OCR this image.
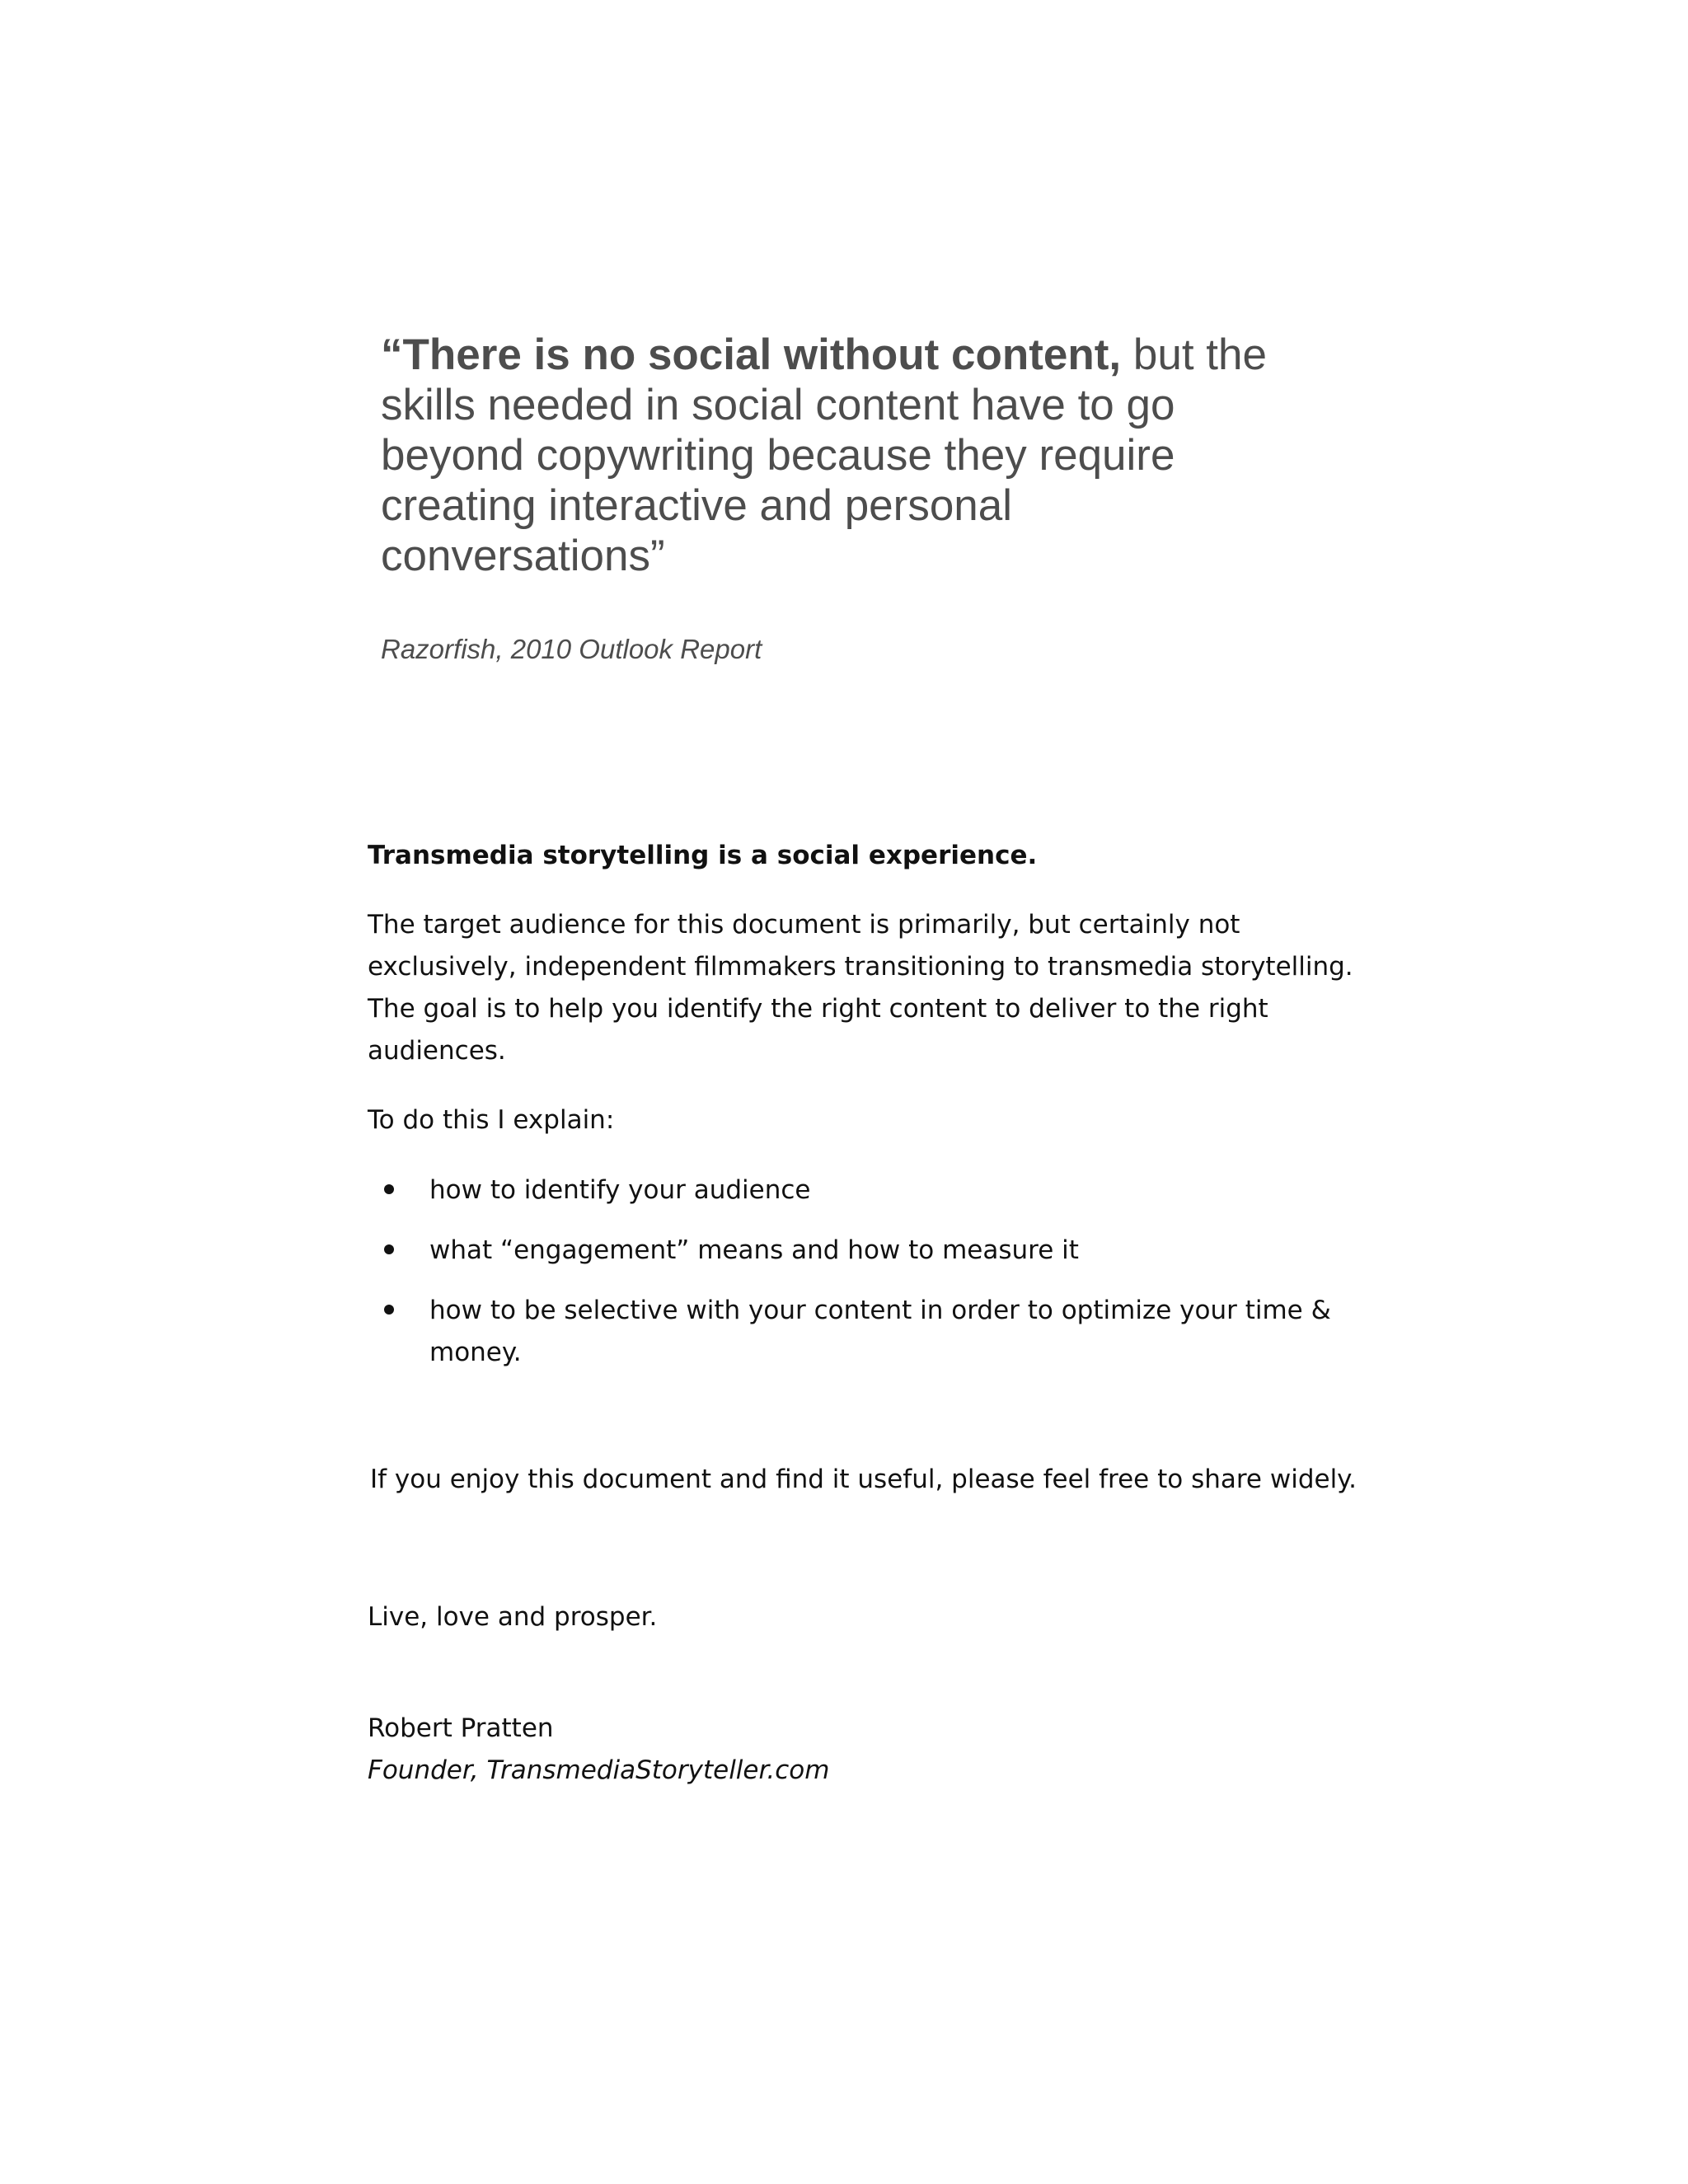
“There is no social without content, but the
skills needed in social content have to go
beyond copywriting because they require
creating interactive and personal
conversations”
Razorfish, 2010 Outlook Report
Transmedia storytelling is a social experience.
The target audience for this document is primarily, but certainly not
exclusively, independent filmmakers transitioning to transmedia storytelling.
The goal is to help you identify the right content to deliver to the right
audiences.
To do this I explain:
how to identify your audience
what “engagement” means and how to measure it
how to be selective with your content in order to optimize your time &
money.
If you enjoy this document and find it useful, please feel free to share widely.
Live, love and prosper.
Robert Pratten
Founder, TransmediaStoryteller.com
